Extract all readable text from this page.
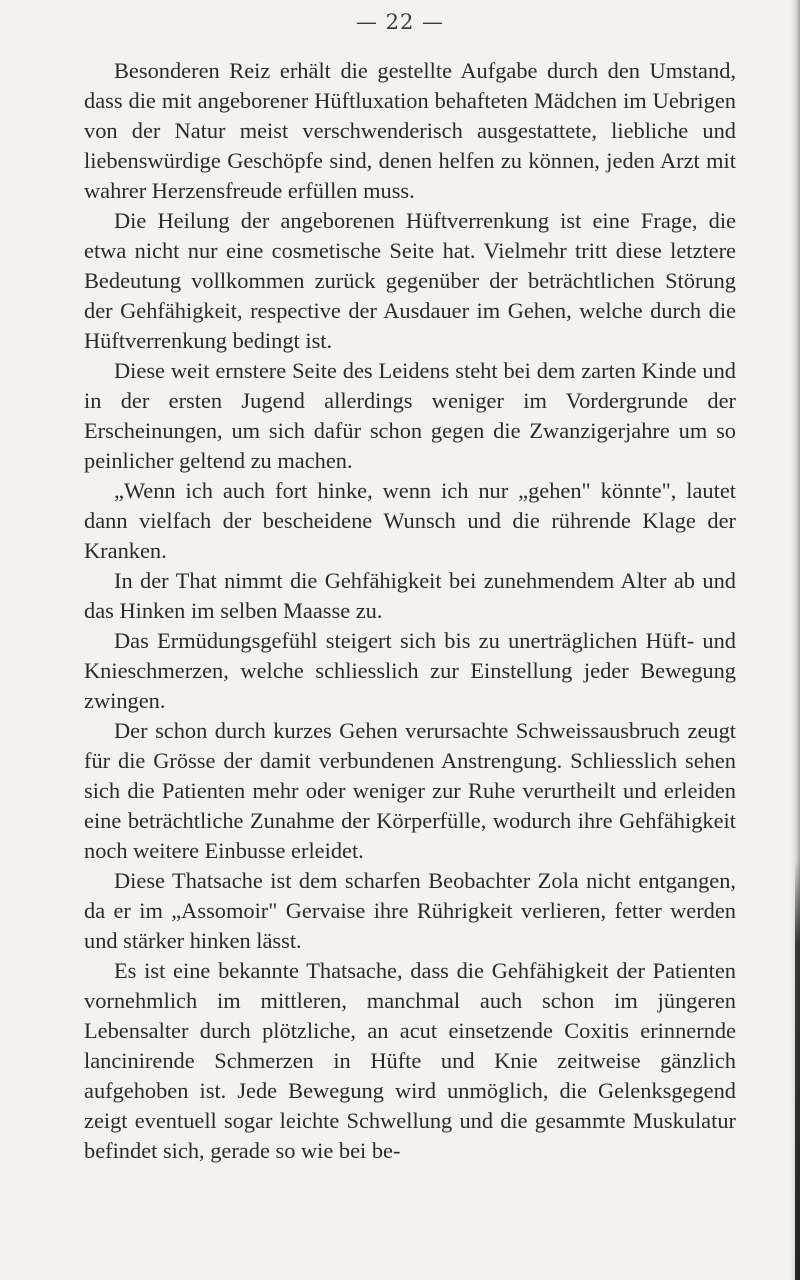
— 22 —

Besonderen Reiz erhält die gestellte Aufgabe durch den Umstand, dass die mit angeborener Hüftluxation behafteten Mädchen im Uebrigen von der Natur meist verschwenderisch ausgestattete, liebliche und liebenswürdige Geschöpfe sind, denen helfen zu können, jeden Arzt mit wahrer Herzensfreude erfüllen muss.

Die Heilung der angeborenen Hüftverrenkung ist eine Frage, die etwa nicht nur eine cosmetische Seite hat. Vielmehr tritt diese letztere Bedeutung vollkommen zurück gegenüber der beträchtlichen Störung der Gehfähigkeit, respective der Ausdauer im Gehen, welche durch die Hüftverrenkung bedingt ist.

Diese weit ernstere Seite des Leidens steht bei dem zarten Kinde und in der ersten Jugend allerdings weniger im Vordergrunde der Erscheinungen, um sich dafür schon gegen die Zwanzigerjahre um so peinlicher geltend zu machen.

„Wenn ich auch fort hinke, wenn ich nur „gehen" könnte", lautet dann vielfach der bescheidene Wunsch und die rührende Klage der Kranken.

In der That nimmt die Gehfähigkeit bei zunehmendem Alter ab und das Hinken im selben Maasse zu.

Das Ermüdungsgefühl steigert sich bis zu unerträglichen Hüft- und Knieschmerzen, welche schliesslich zur Einstellung jeder Bewegung zwingen.

Der schon durch kurzes Gehen verursachte Schweissausbruch zeugt für die Grösse der damit verbundenen Anstrengung. Schliesslich sehen sich die Patienten mehr oder weniger zur Ruhe verurtheilt und erleiden eine beträchtliche Zunahme der Körperfülle, wodurch ihre Gehfähigkeit noch weitere Einbusse erleidet.

Diese Thatsache ist dem scharfen Beobachter Zola nicht entgangen, da er im „Assomoir" Gervaise ihre Rührigkeit verlieren, fetter werden und stärker hinken lässt.

Es ist eine bekannte Thatsache, dass die Gehfähigkeit der Patienten vornehmlich im mittleren, manchmal auch schon im jüngeren Lebensalter durch plötzliche, an acut einsetzende Coxitis erinnernde lancinirende Schmerzen in Hüfte und Knie zeitweise gänzlich aufgehoben ist. Jede Bewegung wird unmöglich, die Gelenksgegend zeigt eventuell sogar leichte Schwellung und die gesammte Muskulatur befindet sich, gerade so wie bei be-
